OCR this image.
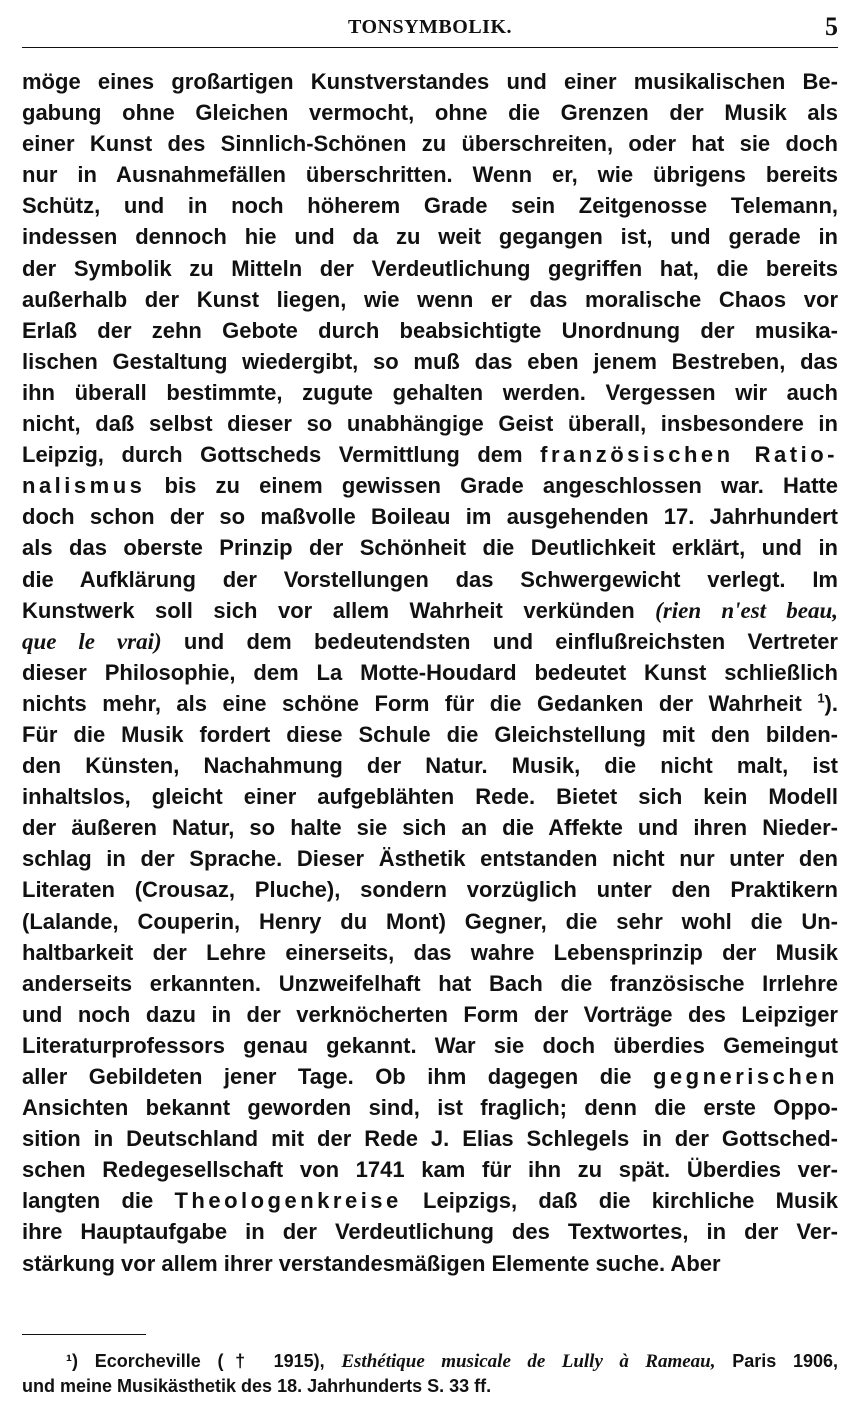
TONSYMBOLIK.	5
möge eines großartigen Kunstverstandes und einer musikalischen Be-
gabung ohne Gleichen vermocht, ohne die Grenzen der Musik als
einer Kunst des Sinnlich-Schönen zu überschreiten, oder hat sie doch
nur in Ausnahmefällen überschritten. Wenn er, wie übrigens bereits
Schütz, und in noch höherem Grade sein Zeitgenosse Telemann,
indessen dennoch hie und da zu weit gegangen ist, und gerade in
der Symbolik zu Mitteln der Verdeutlichung gegriffen hat, die bereits
außerhalb der Kunst liegen, wie wenn er das moralische Chaos vor
Erlaß der zehn Gebote durch beabsichtigte Unordnung der musika-
lischen Gestaltung wiedergibt, so muß das eben jenem Bestreben, das
ihn überall bestimmte, zugute gehalten werden. Vergessen wir auch
nicht, daß selbst dieser so unabhängige Geist überall, insbesondere in
Leipzig, durch Gottscheds Vermittlung dem französischen Ratio-
nalismus bis zu einem gewissen Grade angeschlossen war. Hatte
doch schon der so maßvolle Boileau im ausgehenden 17. Jahrhundert
als das oberste Prinzip der Schönheit die Deutlichkeit erklärt, und in
die Aufklärung der Vorstellungen das Schwergewicht verlegt. Im
Kunstwerk soll sich vor allem Wahrheit verkünden (rien n'est beau,
que le vrai) und dem bedeutendsten und einflußreichsten Vertreter
dieser Philosophie, dem La Motte-Houdard bedeutet Kunst schließlich
nichts mehr, als eine schöne Form für die Gedanken der Wahrheit $^1$).
Für die Musik fordert diese Schule die Gleichstellung mit den bilden-
den Künsten, Nachahmung der Natur. Musik, die nicht malt, ist
inhaltslos, gleicht einer aufgeblähten Rede. Bietet sich kein Modell
der äußeren Natur, so halte sie sich an die Affekte und ihren Nieder-
schlag in der Sprache. Dieser Ästhetik entstanden nicht nur unter den
Literaten (Crousaz, Pluche), sondern vorzüglich unter den Praktikern
(Lalande, Couperin, Henry du Mont) Gegner, die sehr wohl die Un-
haltbarkeit der Lehre einerseits, das wahre Lebensprinzip der Musik
anderseits erkannten. Unzweifelhaft hat Bach die französische Irrlehre
und noch dazu in der verknöcherten Form der Vorträge des Leipziger
Literaturprofessors genau gekannt. War sie doch überdies Gemeingut
aller Gebildeten jener Tage. Ob ihm dagegen die gegnerischen
Ansichten bekannt geworden sind, ist fraglich; denn die erste Oppo-
sition in Deutschland mit der Rede J. Elias Schlegels in der Gottsched-
schen Redegesellschaft von 1741 kam für ihn zu spät. Überdies ver-
langten die Theologenkreise Leipzigs, daß die kirchliche Musik
ihre Hauptaufgabe in der Verdeutlichung des Textwortes, in der Ver-
stärkung vor allem ihrer verstandesmäßigen Elemente suche. Aber
¹) Ecorcheville († 1915), Esthétique musicale de Lully à Rameau, Paris 1906,
und meine Musikästhetik des 18. Jahrhunderts S. 33 ff.
